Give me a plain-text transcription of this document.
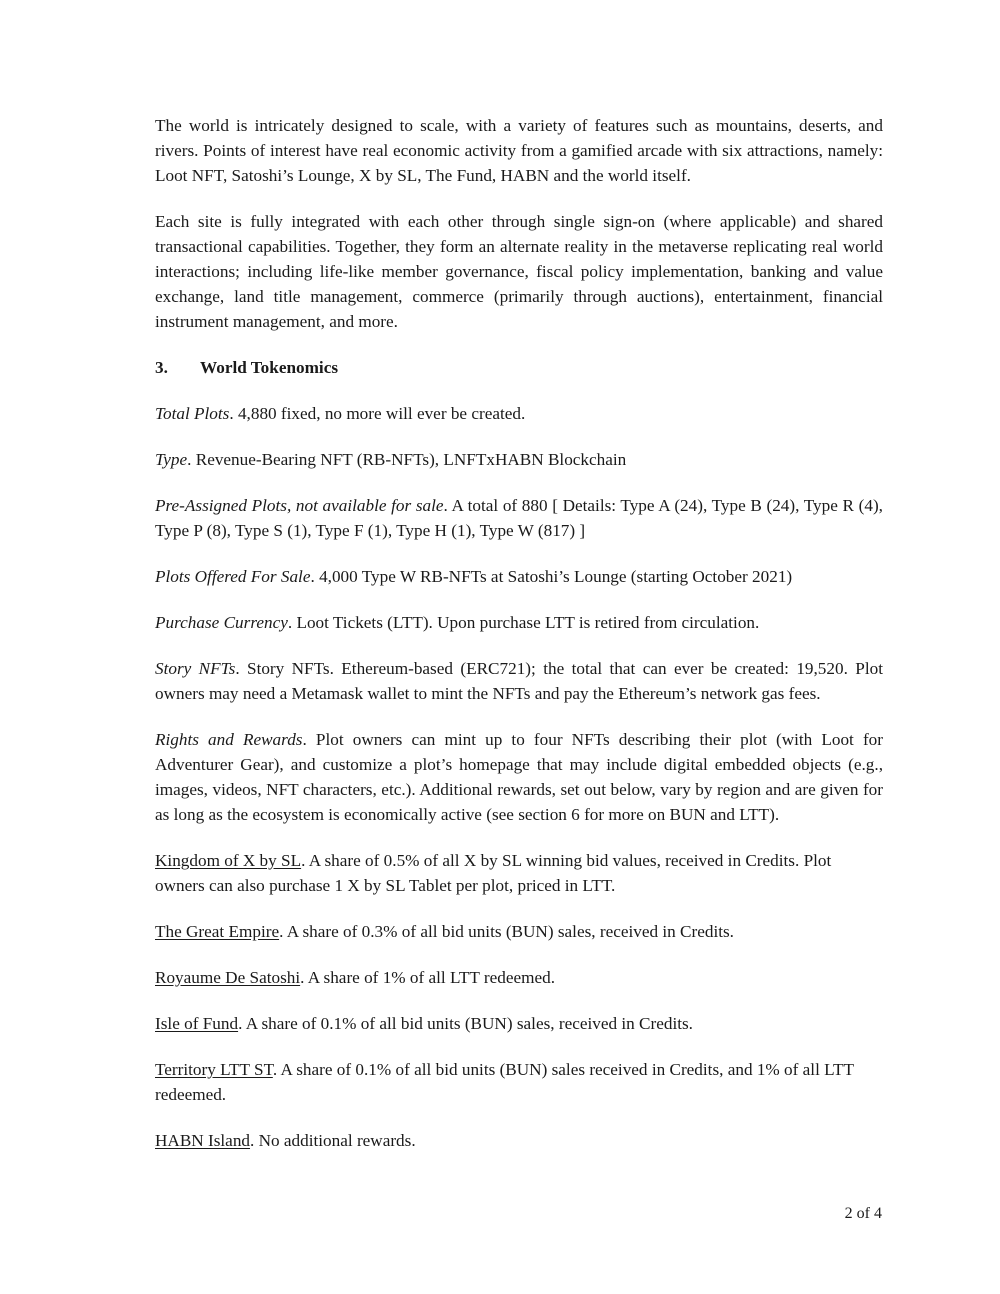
The world is intricately designed to scale, with a variety of features such as mountains, deserts, and rivers. Points of interest have real economic activity from a gamified arcade with six attractions, namely: Loot NFT, Satoshi’s Lounge, X by SL, The Fund, HABN and the world itself.

Each site is fully integrated with each other through single sign-on (where applicable) and shared transactional capabilities. Together, they form an alternate reality in the metaverse replicating real world interactions; including life-like member governance, fiscal policy implementation, banking and value exchange, land title management, commerce (primarily through auctions), entertainment, financial instrument management, and more.

3.	World Tokenomics

Total Plots. 4,880 fixed, no more will ever be created.

Type. Revenue-Bearing NFT (RB-NFTs), LNFTxHABN Blockchain

Pre-Assigned Plots, not available for sale. A total of 880 [ Details: Type A (24), Type B (24), Type R (4), Type P (8), Type S (1), Type F (1), Type H (1), Type W (817) ]

Plots Offered For Sale. 4,000 Type W RB-NFTs at Satoshi’s Lounge (starting October 2021)

Purchase Currency. Loot Tickets (LTT). Upon purchase LTT is retired from circulation.

Story NFTs. Story NFTs. Ethereum-based (ERC721); the total that can ever be created: 19,520. Plot owners may need a Metamask wallet to mint the NFTs and pay the Ethereum’s network gas fees.

Rights and Rewards. Plot owners can mint up to four NFTs describing their plot (with Loot for Adventurer Gear), and customize a plot’s homepage that may include digital embedded objects (e.g., images, videos, NFT characters, etc.). Additional rewards, set out below, vary by region and are given for as long as the ecosystem is economically active (see section 6 for more on BUN and LTT).

Kingdom of X by SL. A share of 0.5% of all X by SL winning bid values, received in Credits. Plot owners can also purchase 1 X by SL Tablet per plot, priced in LTT.

The Great Empire. A share of 0.3% of all bid units (BUN) sales, received in Credits.

Royaume De Satoshi. A share of 1% of all LTT redeemed.

Isle of Fund. A share of 0.1% of all bid units (BUN) sales, received in Credits.

Territory LTT ST. A share of 0.1% of all bid units (BUN) sales received in Credits, and 1% of all LTT redeemed.

HABN Island. No additional rewards.

2 of 4
